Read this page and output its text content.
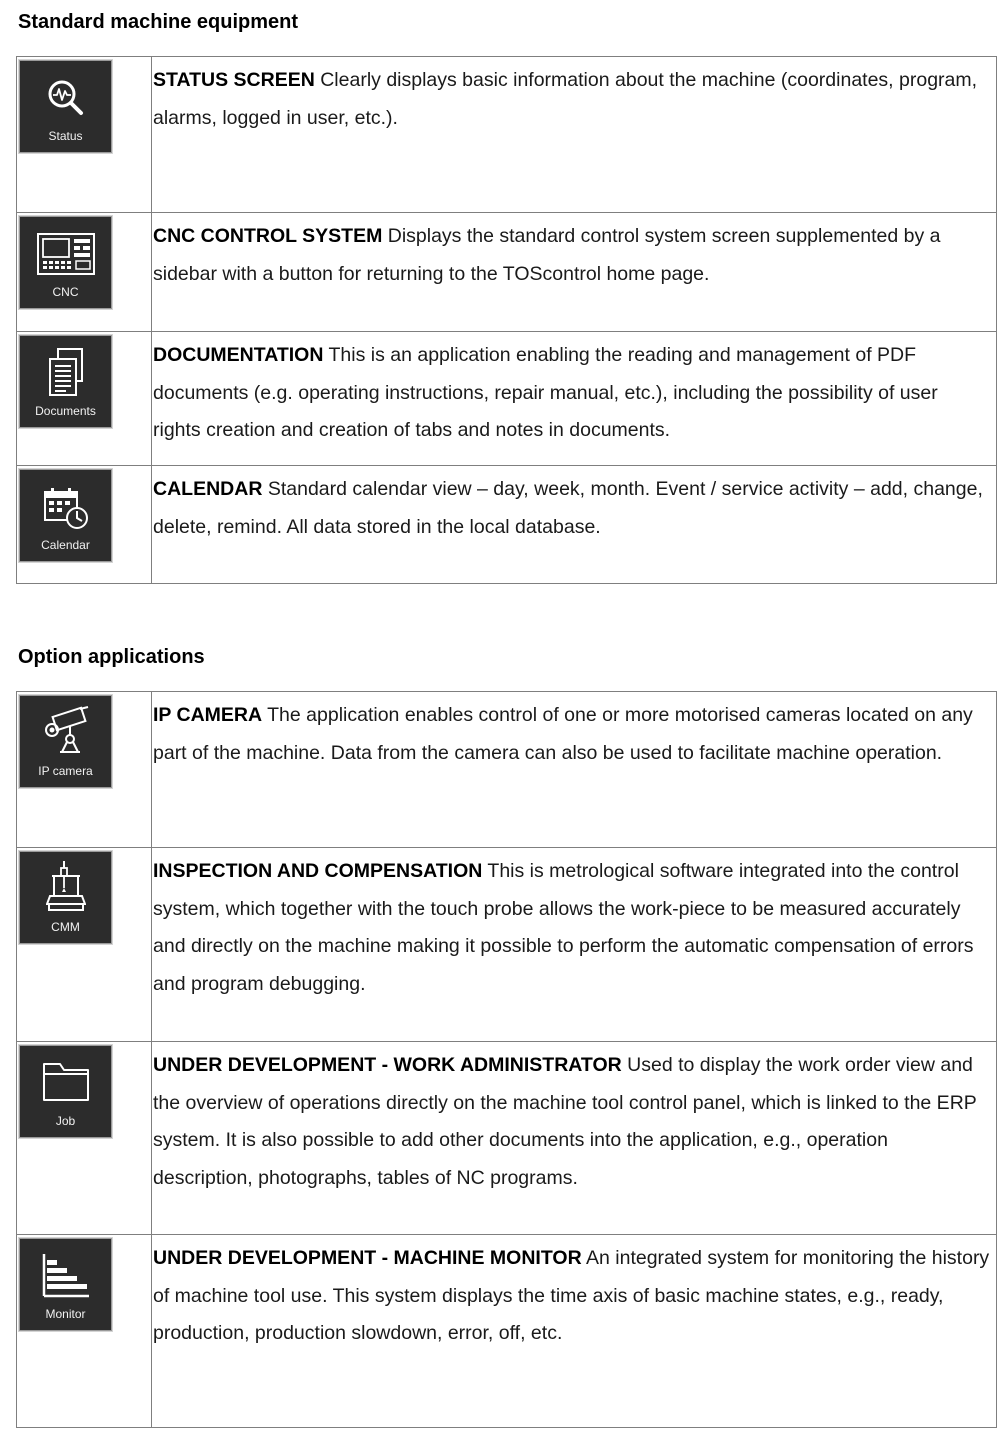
Standard machine equipment
Status	STATUS SCREEN Clearly displays basic information about the machine (coordinates, program, alarms, logged in user, etc.).

CNC	CNC CONTROL SYSTEM Displays the standard control system screen supplemented by a sidebar with a button for returning to the TOScontrol home page.

Documents	DOCUMENTATION This is an application enabling the reading and management of PDF documents (e.g. operating instructions, repair manual, etc.), including the possibility of user rights creation and creation of tabs and notes in documents.

Calendar	CALENDAR Standard calendar view – day, week, month. Event / service activity – add, change, delete, remind. All data stored in the local database.
Option applications
IP camera	IP CAMERA The application enables control of one or more motorised cameras located on any part of the machine. Data from the camera can also be used to facilitate machine operation.

CMM	INSPECTION AND COMPENSATION This is metrological software integrated into the control system, which together with the touch probe allows the work-piece to be measured accurately and directly on the machine making it possible to perform the automatic compensation of errors and program debugging.

Job	UNDER DEVELOPMENT - WORK ADMINISTRATOR Used to display the work order view and the overview of operations directly on the machine tool control panel, which is linked to the ERP system. It is also possible to add other documents into the application, e.g., operation description, photographs, tables of NC programs.

Monitor	UNDER DEVELOPMENT - MACHINE MONITOR An integrated system for monitoring the history of machine tool use. This system displays the time axis of basic machine states, e.g., ready, production, production slowdown, error, off, etc.
